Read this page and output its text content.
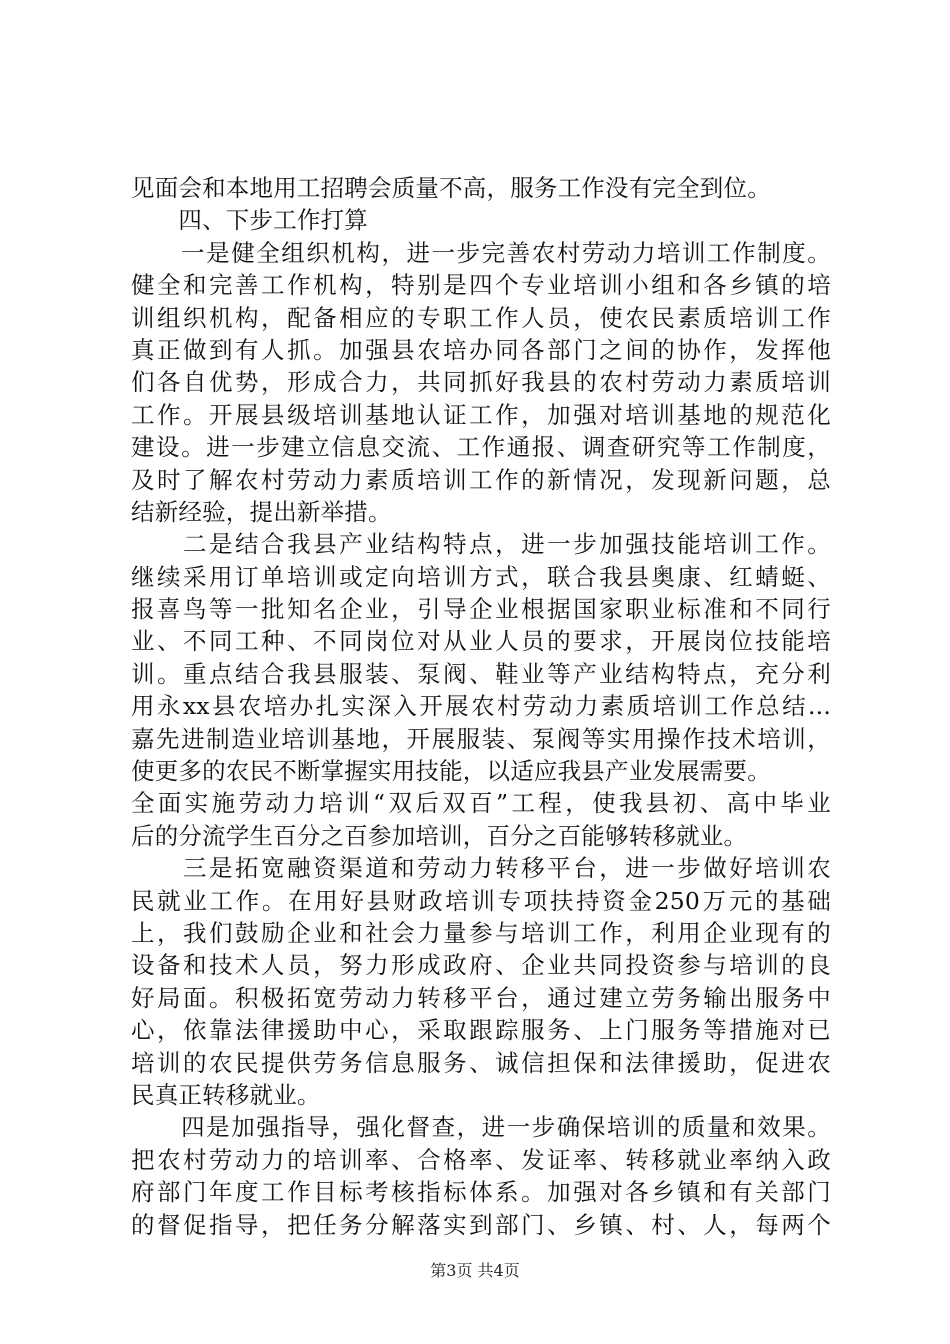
见面会和本地用工招聘会质量不高，服务工作没有完全到位。
　　四、下步工作打算
　　一是健全组织机构，进一步完善农村劳动力培训工作制度。
健全和完善工作机构，特别是四个专业培训小组和各乡镇的培
训组织机构，配备相应的专职工作人员，使农民素质培训工作
真正做到有人抓。加强县农培办同各部门之间的协作，发挥他
们各自优势，形成合力，共同抓好我县的农村劳动力素质培训
工作。开展县级培训基地认证工作，加强对培训基地的规范化
建设。进一步建立信息交流、工作通报、调查研究等工作制度，
及时了解农村劳动力素质培训工作的新情况，发现新问题，总
结新经验，提出新举措。
　　二是结合我县产业结构特点，进一步加强技能培训工作。
继续采用订单培训或定向培训方式，联合我县奥康、红蜻蜓、
报喜鸟等一批知名企业，引导企业根据国家职业标准和不同行
业、不同工种、不同岗位对从业人员的要求，开展岗位技能培
训。重点结合我县服装、泵阀、鞋业等产业结构特点，充分利
用永xx县农培办扎实深入开展农村劳动力素质培训工作总结...
嘉先进制造业培训基地，开展服装、泵阀等实用操作技术培训，
使更多的农民不断掌握实用技能，以适应我县产业发展需要。
全面实施劳动力培训“双后双百”工程，使我县初、高中毕业
后的分流学生百分之百参加培训，百分之百能够转移就业。
　　三是拓宽融资渠道和劳动力转移平台，进一步做好培训农
民就业工作。在用好县财政培训专项扶持资金250万元的基础
上，我们鼓励企业和社会力量参与培训工作，利用企业现有的
设备和技术人员，努力形成政府、企业共同投资参与培训的良
好局面。积极拓宽劳动力转移平台，通过建立劳务输出服务中
心，依靠法律援助中心，采取跟踪服务、上门服务等措施对已
培训的农民提供劳务信息服务、诚信担保和法律援助，促进农
民真正转移就业。
　　四是加强指导，强化督查，进一步确保培训的质量和效果。
把农村劳动力的培训率、合格率、发证率、转移就业率纳入政
府部门年度工作目标考核指标体系。加强对各乡镇和有关部门
的督促指导，把任务分解落实到部门、乡镇、村、人，每两个
第3页 共4页
